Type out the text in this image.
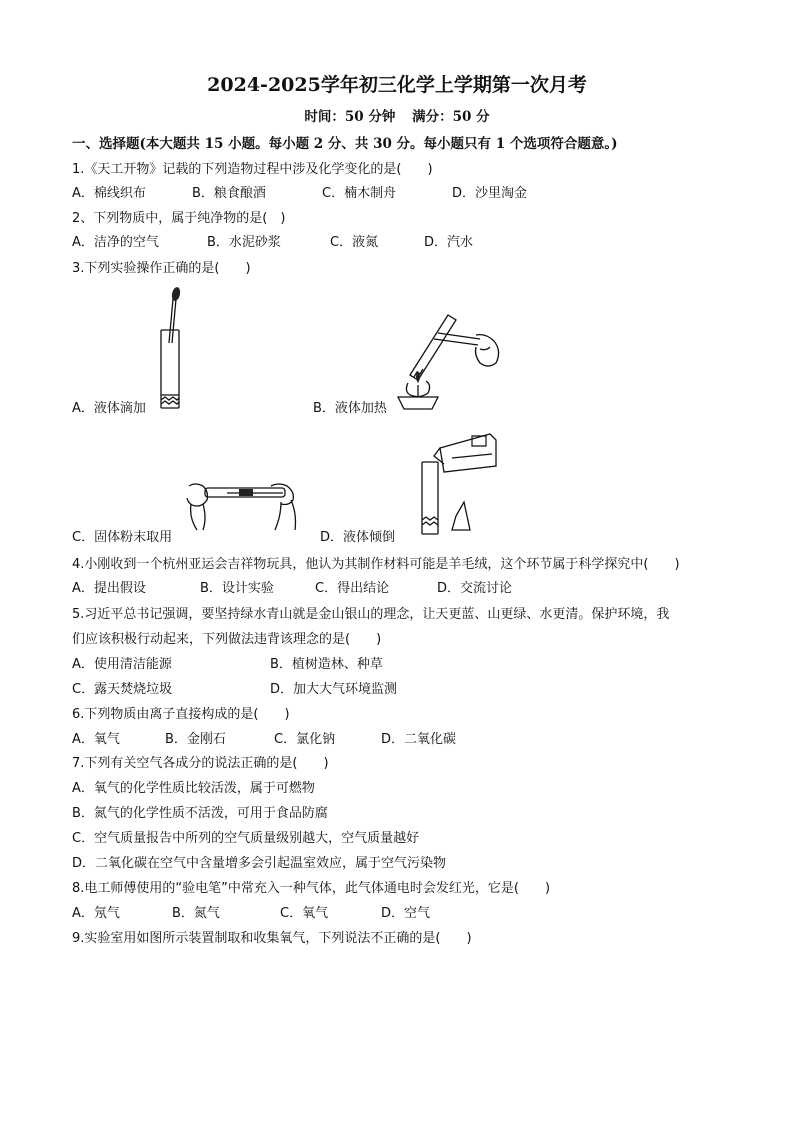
2024-2025学年初三化学上学期第一次月考
时间：50 分钟 满分：50 分
一、选择题(本大题共 15 小题。每小题 2 分、共 30 分。每小题只有 1 个选项符合题意。)
1.《天工开物》记载的下列造物过程中涉及化学变化的是(　　)
A．棉线织布	B．粮食酿酒	C．楠木制舟	D．沙里淘金
2、下列物质中，属于纯净物的是(　)
A．洁净的空气	B．水泥砂浆	C．液氮	D．汽水
3.下列实验操作正确的是(　　)
A．液体滴加	B．液体加热
C．固体粉末取用	D．液体倾倒
4.小刚收到一个杭州亚运会吉祥物玩具，他认为其制作材料可能是羊毛绒，这个环节属于科学探究中(　　)
A．提出假设	B．设计实验	C．得出结论	D．交流讨论
5.习近平总书记强调，要坚持绿水青山就是金山银山的理念，让天更蓝、山更绿、水更清。保护环境，我
们应该积极行动起来，下列做法违背该理念的是(　　)
A．使用清洁能源	B．植树造林、种草
C．露天焚烧垃圾	D．加大大气环境监测
6.下列物质由离子直接构成的是(　　)
A．氧气	B．金刚石	C．氯化钠	D．二氧化碳
7.下列有关空气各成分的说法正确的是(　　)
A．氧气的化学性质比较活泼，属于可燃物
B．氮气的化学性质不活泼，可用于食品防腐
C．空气质量报告中所列的空气质量级别越大，空气质量越好
D．二氧化碳在空气中含量增多会引起温室效应，属于空气污染物
8.电工师傅使用的“验电笔”中常充入一种气体，此气体通电时会发红光，它是(　　)
A．氖气	B．氮气	C．氧气	D．空气
9.实验室用如图所示装置制取和收集氧气，下列说法不正确的是(　　)
